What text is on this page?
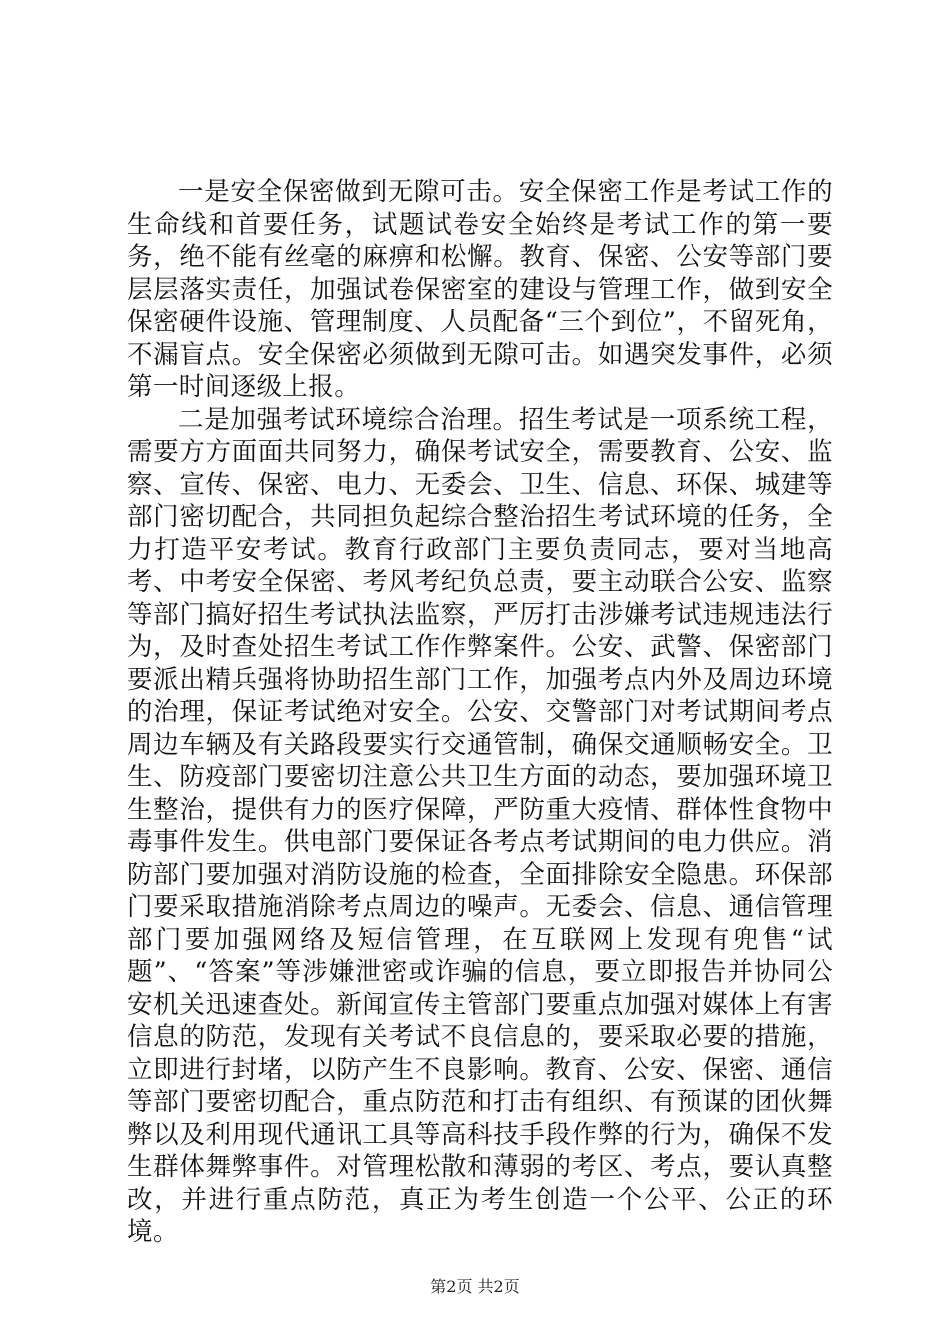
一是安全保密做到无隙可击。安全保密工作是考试工作的生命线和首要任务，试题试卷安全始终是考试工作的第一要务，绝不能有丝毫的麻痹和松懈。教育、保密、公安等部门要层层落实责任，加强试卷保密室的建设与管理工作，做到安全保密硬件设施、管理制度、人员配备“三个到位”，不留死角，不漏盲点。安全保密必须做到无隙可击。如遇突发事件，必须第一时间逐级上报。

二是加强考试环境综合治理。招生考试是一项系统工程，需要方方面面共同努力，确保考试安全，需要教育、公安、监察、宣传、保密、电力、无委会、卫生、信息、环保、城建等部门密切配合，共同担负起综合整治招生考试环境的任务，全力打造平安考试。教育行政部门主要负责同志，要对当地高考、中考安全保密、考风考纪负总责，要主动联合公安、监察等部门搞好招生考试执法监察，严厉打击涉嫌考试违规违法行为，及时查处招生考试工作作弊案件。公安、武警、保密部门要派出精兵强将协助招生部门工作，加强考点内外及周边环境的治理，保证考试绝对安全。公安、交警部门对考试期间考点周边车辆及有关路段要实行交通管制，确保交通顺畅安全。卫生、防疫部门要密切注意公共卫生方面的动态，要加强环境卫生整治，提供有力的医疗保障，严防重大疫情、群体性食物中毒事件发生。供电部门要保证各考点考试期间的电力供应。消防部门要加强对消防设施的检查，全面排除安全隐患。环保部门要采取措施消除考点周边的噪声。无委会、信息、通信管理部门要加强网络及短信管理，在互联网上发现有兜售“试题”、“答案”等涉嫌泄密或诈骗的信息，要立即报告并协同公安机关迅速查处。新闻宣传主管部门要重点加强对媒体上有害信息的防范，发现有关考试不良信息的，要采取必要的措施，立即进行封堵，以防产生不良影响。教育、公安、保密、通信等部门要密切配合，重点防范和打击有组织、有预谋的团伙舞弊以及利用现代通讯工具等高科技手段作弊的行为，确保不发生群体舞弊事件。对管理松散和薄弱的考区、考点，要认真整改，并进行重点防范，真正为考生创造一个公平、公正的环境。

第2页 共2页
